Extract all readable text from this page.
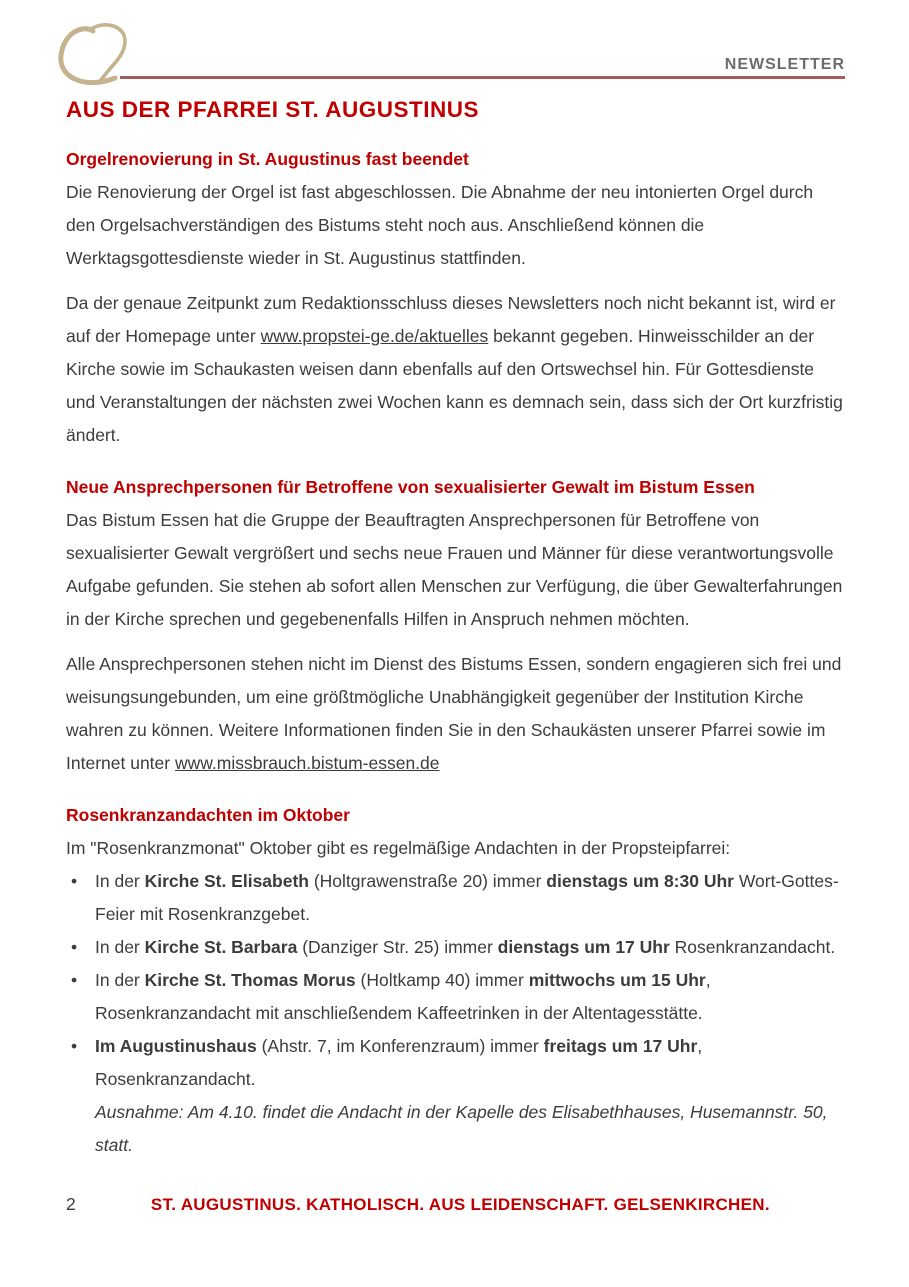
NEWSLETTER
AUS DER PFARREI ST. AUGUSTINUS
Orgelrenovierung in St. Augustinus fast beendet

Die Renovierung der Orgel ist fast abgeschlossen. Die Abnahme der neu intonierten Orgel durch den Orgelsachverständigen des Bistums steht noch aus. Anschließend können die Werktagsgottesdienste wieder in St. Augustinus stattfinden.

Da der genaue Zeitpunkt zum Redaktionsschluss dieses Newsletters noch nicht bekannt ist, wird er auf der Homepage unter www.propstei-ge.de/aktuelles bekannt gegeben. Hinweisschilder an der Kirche sowie im Schaukasten weisen dann ebenfalls auf den Ortswechsel hin. Für Gottesdienste und Veranstaltungen der nächsten zwei Wochen kann es demnach sein, dass sich der Ort kurzfristig ändert.

Neue Ansprechpersonen für Betroffene von sexualisierter Gewalt im Bistum Essen

Das Bistum Essen hat die Gruppe der Beauftragten Ansprechpersonen für Betroffene von sexualisierter Gewalt vergrößert und sechs neue Frauen und Männer für diese verantwortungsvolle Aufgabe gefunden. Sie stehen ab sofort allen Menschen zur Verfügung, die über Gewalterfahrungen in der Kirche sprechen und gegebenenfalls Hilfen in Anspruch nehmen möchten.

Alle Ansprechpersonen stehen nicht im Dienst des Bistums Essen, sondern engagieren sich frei und weisungsungebunden, um eine größtmögliche Unabhängigkeit gegenüber der Institution Kirche wahren zu können. Weitere Informationen finden Sie in den Schaukästen unserer Pfarrei sowie im Internet unter www.missbrauch.bistum-essen.de

Rosenkranzandachten im Oktober

Im "Rosenkranzmonat" Oktober gibt es regelmäßige Andachten in der Propsteipfarrei:

• In der Kirche St. Elisabeth (Holtgrawenstraße 20) immer dienstags um 8:30 Uhr Wort-Gottes-Feier mit Rosenkranzgebet.
• In der Kirche St. Barbara (Danziger Str. 25) immer dienstags um 17 Uhr Rosenkranzandacht.
• In der Kirche St. Thomas Morus (Holtkamp 40) immer mittwochs um 15 Uhr, Rosenkranzandacht mit anschließendem Kaffeetrinken in der Altentagesstätte.
• Im Augustinushaus (Ahstr. 7, im Konferenzraum) immer freitags um 17 Uhr, Rosenkranzandacht.
Ausnahme: Am 4.10. findet die Andacht in der Kapelle des Elisabethhauses, Husemannstr. 50, statt.
2	ST. AUGUSTINUS. KATHOLISCH. AUS LEIDENSCHAFT. GELSENKIRCHEN.
